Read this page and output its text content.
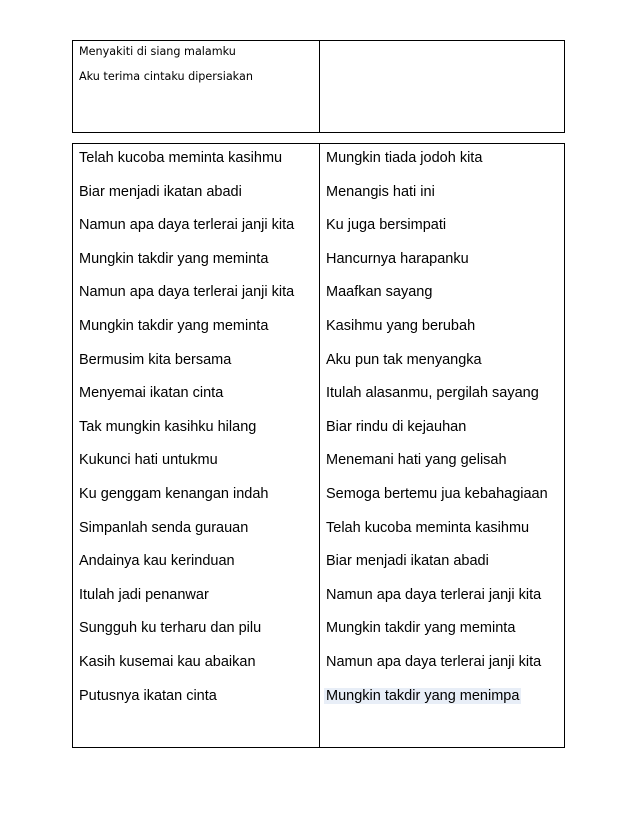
Menyakiti di siang malamku
Aku terima cintaku dipersiakan

Telah kucoba meminta kasihmu
Biar menjadi ikatan abadi
Namun apa daya terlerai janji kita
Mungkin takdir yang meminta
Namun apa daya terlerai janji kita
Mungkin takdir yang meminta
Bermusim kita bersama
Menyemai ikatan cinta
Tak mungkin kasihku hilang
Kukunci hati untukmu
Ku genggam kenangan indah
Simpanlah senda gurauan
Andainya kau kerinduan
Itulah jadi penanwar
Sungguh ku terharu dan pilu
Kasih kusemai kau abaikan
Putusnya ikatan cinta

Mungkin tiada jodoh kita
Menangis hati ini
Ku juga bersimpati
Hancurnya harapanku
Maafkan sayang
Kasihmu yang berubah
Aku pun tak menyangka
Itulah alasanmu, pergilah sayang
Biar rindu di kejauhan
Menemani hati yang gelisah
Semoga bertemu jua kebahagiaan
Telah kucoba meminta kasihmu
Biar menjadi ikatan abadi
Namun apa daya terlerai janji kita
Mungkin takdir yang meminta
Namun apa daya terlerai janji kita
Mungkin takdir yang menimpa
